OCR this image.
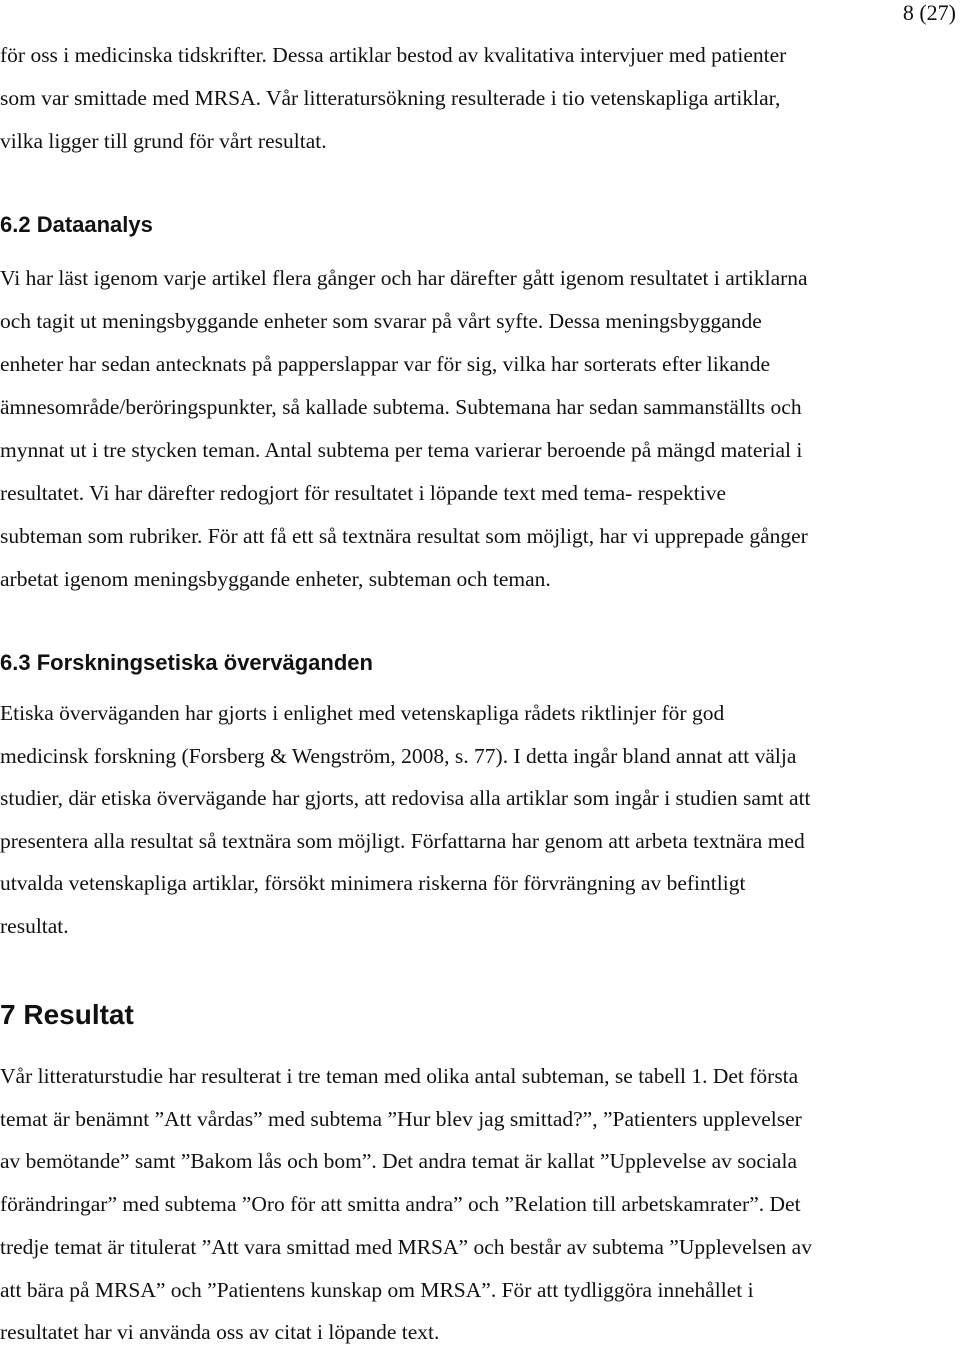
8 (27)

för oss i medicinska tidskrifter. Dessa artiklar bestod av kvalitativa intervjuer med patienter
som var smittade med MRSA. Vår litteratursökning resulterade i tio vetenskapliga artiklar,
vilka ligger till grund för vårt resultat.

6.2 Dataanalys

Vi har läst igenom varje artikel flera gånger och har därefter gått igenom resultatet i artiklarna
och tagit ut meningsbyggande enheter som svarar på vårt syfte. Dessa meningsbyggande
enheter har sedan antecknats på papperslappar var för sig, vilka har sorterats efter likande
ämnesområde/beröringspunkter, så kallade subtema. Subtemana har sedan sammanställts och
mynnat ut i tre stycken teman. Antal subtema per tema varierar beroende på mängd material i
resultatet. Vi har därefter redogjort för resultatet i löpande text med tema- respektive
subteman som rubriker. För att få ett så textnära resultat som möjligt, har vi upprepade gånger
arbetat igenom meningsbyggande enheter, subteman och teman.

6.3 Forskningsetiska överväganden

Etiska överväganden har gjorts i enlighet med vetenskapliga rådets riktlinjer för god
medicinsk forskning (Forsberg & Wengström, 2008, s. 77). I detta ingår bland annat att välja
studier, där etiska övervägande har gjorts, att redovisa alla artiklar som ingår i studien samt att
presentera alla resultat så textnära som möjligt. Författarna har genom att arbeta textnära med
utvalda vetenskapliga artiklar, försökt minimera riskerna för förvrängning av befintligt
resultat.

7 Resultat

Vår litteraturstudie har resulterat i tre teman med olika antal subteman, se tabell 1. Det första
temat är benämnt ”Att vårdas” med subtema ”Hur blev jag smittad?”, ”Patienters upplevelser
av bemötande” samt ”Bakom lås och bom”. Det andra temat är kallat ”Upplevelse av sociala
förändringar” med subtema ”Oro för att smitta andra” och ”Relation till arbetskamrater”. Det
tredje temat är titulerat ”Att vara smittad med MRSA” och består av subtema ”Upplevelsen av
att bära på MRSA” och ”Patientens kunskap om MRSA”. För att tydliggöra innehållet i
resultatet har vi använda oss av citat i löpande text.
